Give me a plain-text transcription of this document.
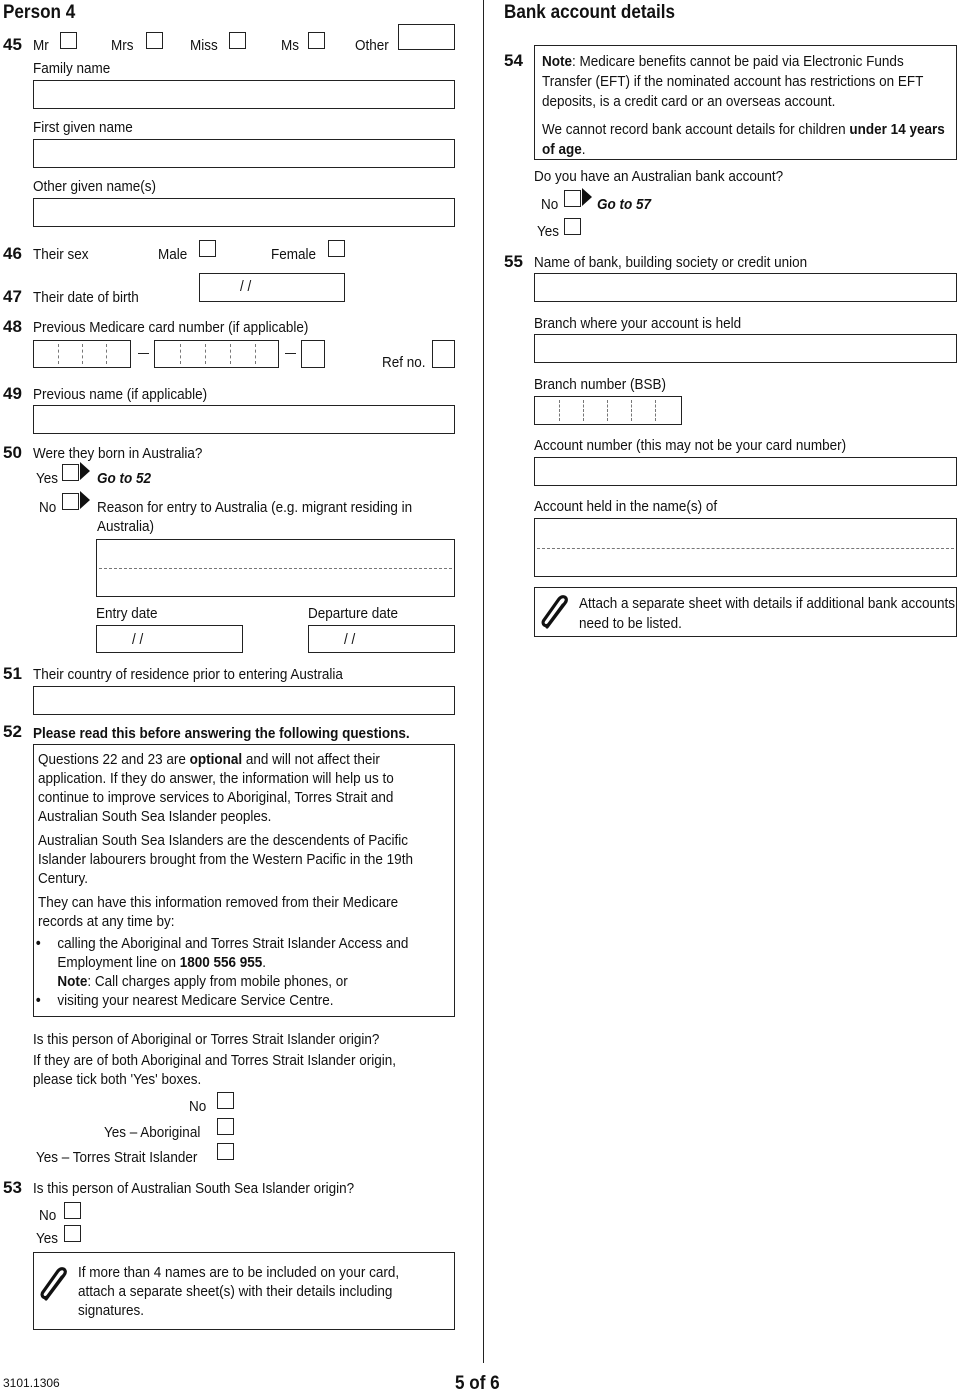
Person 4
45 Mr	Mrs	Miss	Ms	Other
Family name
First given name
Other given name(s)
46 Their sex	Male	Female
47 Their date of birth
/ /
48 Previous Medicare card number (if applicable)
Ref no.
49 Previous name (if applicable)
50 Were they born in Australia?
Yes	Go to 52
No	Reason for entry to Australia (e.g. migrant residing in Australia)
Entry date
/ /
Departure date
/ /
51 Their country of residence prior to entering Australia
52 Please read this before answering the following questions.
Questions 22 and 23 are optional and will not affect their application. If they do answer, the information will help us to continue to improve services to Aboriginal, Torres Strait and Australian South Sea Islander peoples.
Australian South Sea Islanders are the descendents of Pacific Islander labourers brought from the Western Pacific in the 19th Century.
They can have this information removed from their Medicare records at any time by:
• calling the Aboriginal and Torres Strait Islander Access and Employment line on 1800 556 955.
Note: Call charges apply from mobile phones, or
• visiting your nearest Medicare Service Centre.
Is this person of Aboriginal or Torres Strait Islander origin?
If they are of both Aboriginal and Torres Strait Islander origin, please tick both 'Yes' boxes.
No
Yes – Aboriginal
Yes – Torres Strait Islander
53 Is this person of Australian South Sea Islander origin?
No
Yes
If more than 4 names are to be included on your card, attach a separate sheet(s) with their details including signatures.
Bank account details
54 Note: Medicare benefits cannot be paid via Electronic Funds Transfer (EFT) if the nominated account has restrictions on EFT deposits, is a credit card or an overseas account.
We cannot record bank account details for children under 14 years of age.
Do you have an Australian bank account?
No	Go to 57
Yes
55 Name of bank, building society or credit union
Branch where your account is held
Branch number (BSB)
Account number (this may not be your card number)
Account held in the name(s) of
Attach a separate sheet with details if additional bank accounts need to be listed.
3101.1306	5 of 6
